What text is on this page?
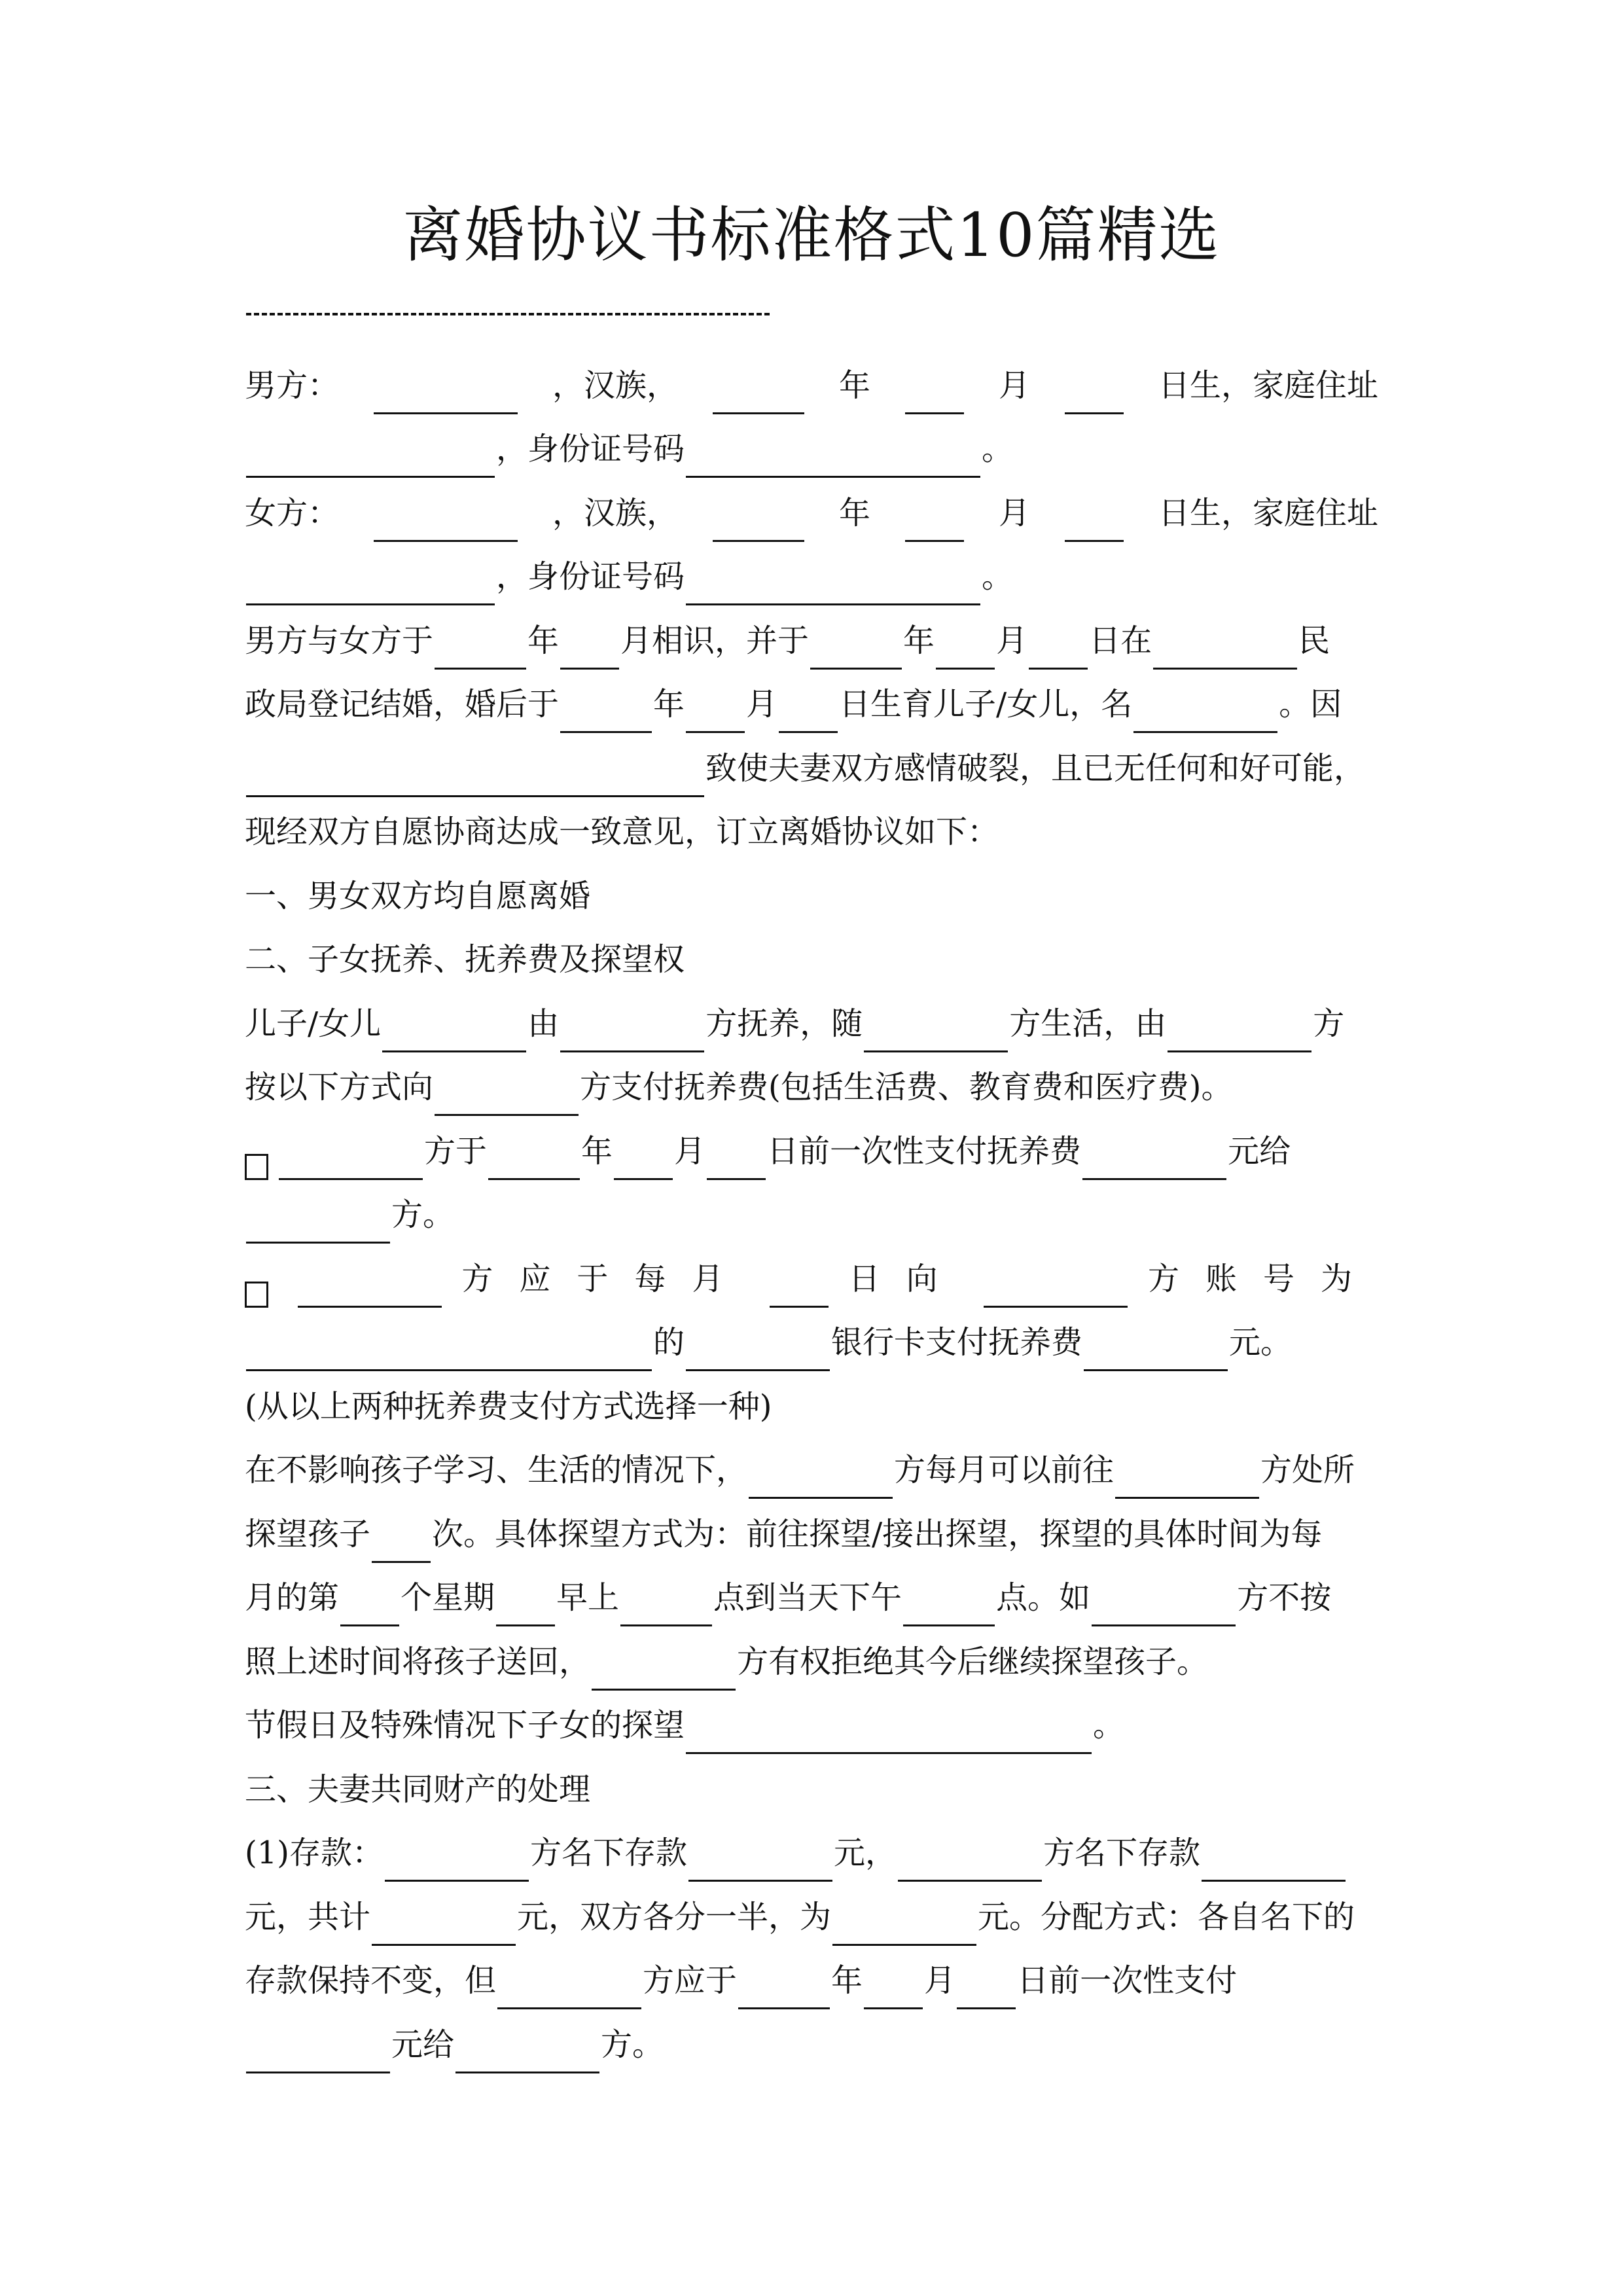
离婚协议书标准格式10篇精选
男方：	，汉族，	年	月	日生，家庭住址
，身份证号码	。
女方：	，汉族，	年	月	日生，家庭住址
，身份证号码	。
男方与女方于	年 月相识，并于	年 月 日在	民
政局登记结婚，婚后于	年 月 日生育儿子/女儿，名	。因
致使夫妻双方感情破裂，且已无任何和好可能，
现经双方自愿协商达成一致意见，订立离婚协议如下：
一、男女双方均自愿离婚
二、子女抚养、抚养费及探望权
儿子/女儿	由	方抚养，随	方生活，由	方
按以下方式向	方支付抚养费(包括生活费、教育费和医疗费)。
方于	年 月 日前一次性支付抚养费	元给
方。
方应于每月	日向	方账号为
的	银行卡支付抚养费	元。
(从以上两种抚养费支付方式选择一种)
在不影响孩子学习、生活的情况下，	方每月可以前往	方处所
探望孩子 次。具体探望方式为：前往探望/接出探望，探望的具体时间为每
月的第 个星期 早上	点到当天下午	点。如	方不按
照上述时间将孩子送回，	方有权拒绝其今后继续探望孩子。
节假日及特殊情况下子女的探望	。
三、夫妻共同财产的处理
(1)存款：	方名下存款	元，	方名下存款
元，共计	元，双方各分一半，为	元。分配方式：各自名下的
存款保持不变，但	方应于	年 月 日前一次性支付
元给	方。
